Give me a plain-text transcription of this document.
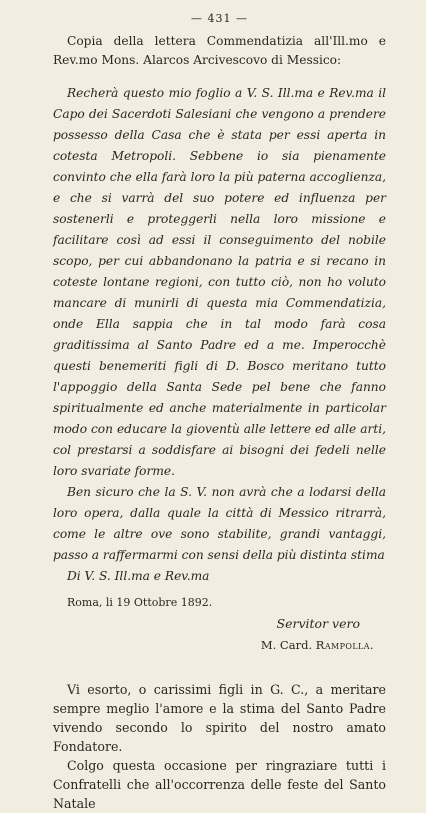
— 431 —

Copia della lettera Commendatizia all'Ill.mo e Rev.mo Mons. Alarcos Arcivescovo di Messico:

Recherà questo mio foglio a V. S. Ill.ma e Rev.ma il Capo dei Sacerdoti Salesiani che vengono a prendere possesso della Casa che è stata per essi aperta in cotesta Metropoli. Sebbene io sia pienamente convinto che ella farà loro la più paterna accoglienza, e che si varrà del suo potere ed influenza per sostenerli e proteggerli nella loro missione e facilitare così ad essi il conseguimento del nobile scopo, per cui abbandonano la patria e si recano in coteste lontane regioni, con tutto ciò, non ho voluto mancare di munirli di questa mia Commendatizia, onde Ella sappia che in tal modo farà cosa graditissima al Santo Padre ed a me. Imperocchè questi benemeriti figli di D. Bosco meritano tutto l'appoggio della Santa Sede pel bene che fanno spiritualmente ed anche materialmente in particolar modo con educare la gioventù alle lettere ed alle arti, col prestarsi a soddisfare ai bisogni dei fedeli nelle loro svariate forme.

Ben sicuro che la S. V. non avrà che a lodarsi della loro opera, dalla quale la città di Messico ritrarrà, come le altre ove sono stabilite, grandi vantaggi, passo a raffermarmi con sensi della più distinta stima

Di V. S. Ill.ma e Rev.ma

Roma, li 19 Ottobre 1892.

Servitor vero

M. Card. Rampolla.

Vi esorto, o carissimi figli in G. C., a meritare sempre meglio l'amore e la stima del Santo Padre vivendo secondo lo spirito del nostro amato Fondatore.

Colgo questa occasione per ringraziare tutti i Confratelli che all'occorrenza delle feste del Santo Natale
